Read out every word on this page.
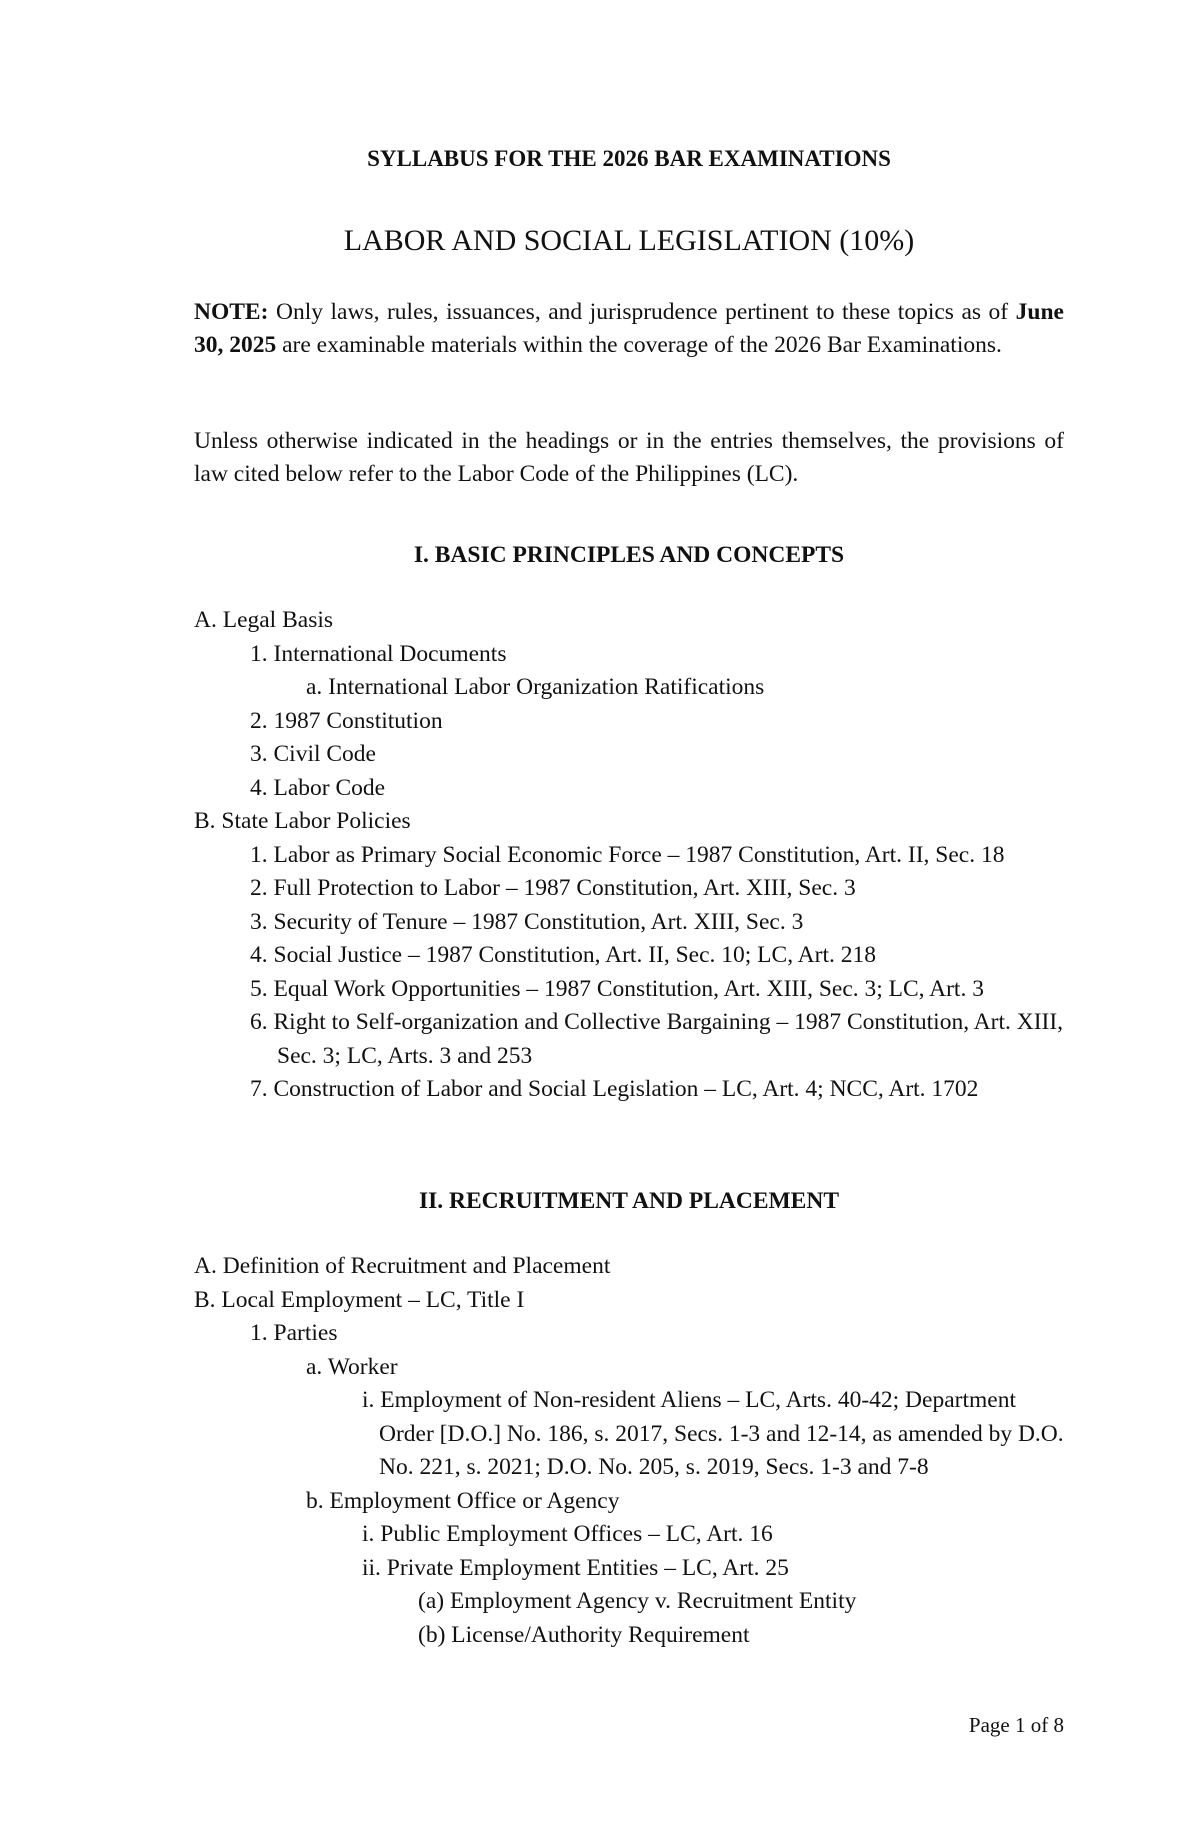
SYLLABUS FOR THE 2026 BAR EXAMINATIONS
LABOR AND SOCIAL LEGISLATION (10%)
NOTE: Only laws, rules, issuances, and jurisprudence pertinent to these topics as of June 30, 2025 are examinable materials within the coverage of the 2026 Bar Examinations.
Unless otherwise indicated in the headings or in the entries themselves, the provisions of law cited below refer to the Labor Code of the Philippines (LC).
I. BASIC PRINCIPLES AND CONCEPTS
A. Legal Basis
1. International Documents
a. International Labor Organization Ratifications
2. 1987 Constitution
3. Civil Code
4. Labor Code
B. State Labor Policies
1. Labor as Primary Social Economic Force – 1987 Constitution, Art. II, Sec. 18
2. Full Protection to Labor – 1987 Constitution, Art. XIII, Sec. 3
3. Security of Tenure – 1987 Constitution, Art. XIII, Sec. 3
4. Social Justice – 1987 Constitution, Art. II, Sec. 10; LC, Art. 218
5. Equal Work Opportunities – 1987 Constitution, Art. XIII, Sec. 3; LC, Art. 3
6. Right to Self-organization and Collective Bargaining – 1987 Constitution, Art. XIII, Sec. 3; LC, Arts. 3 and 253
7. Construction of Labor and Social Legislation – LC, Art. 4; NCC, Art. 1702
II. RECRUITMENT AND PLACEMENT
A. Definition of Recruitment and Placement
B. Local Employment – LC, Title I
1. Parties
a. Worker
i. Employment of Non-resident Aliens – LC, Arts. 40-42; Department Order [D.O.] No. 186, s. 2017, Secs. 1-3 and 12-14, as amended by D.O. No. 221, s. 2021; D.O. No. 205, s. 2019, Secs. 1-3 and 7-8
b. Employment Office or Agency
i. Public Employment Offices – LC, Art. 16
ii. Private Employment Entities – LC, Art. 25
(a) Employment Agency v. Recruitment Entity
(b) License/Authority Requirement
Page 1 of 8
